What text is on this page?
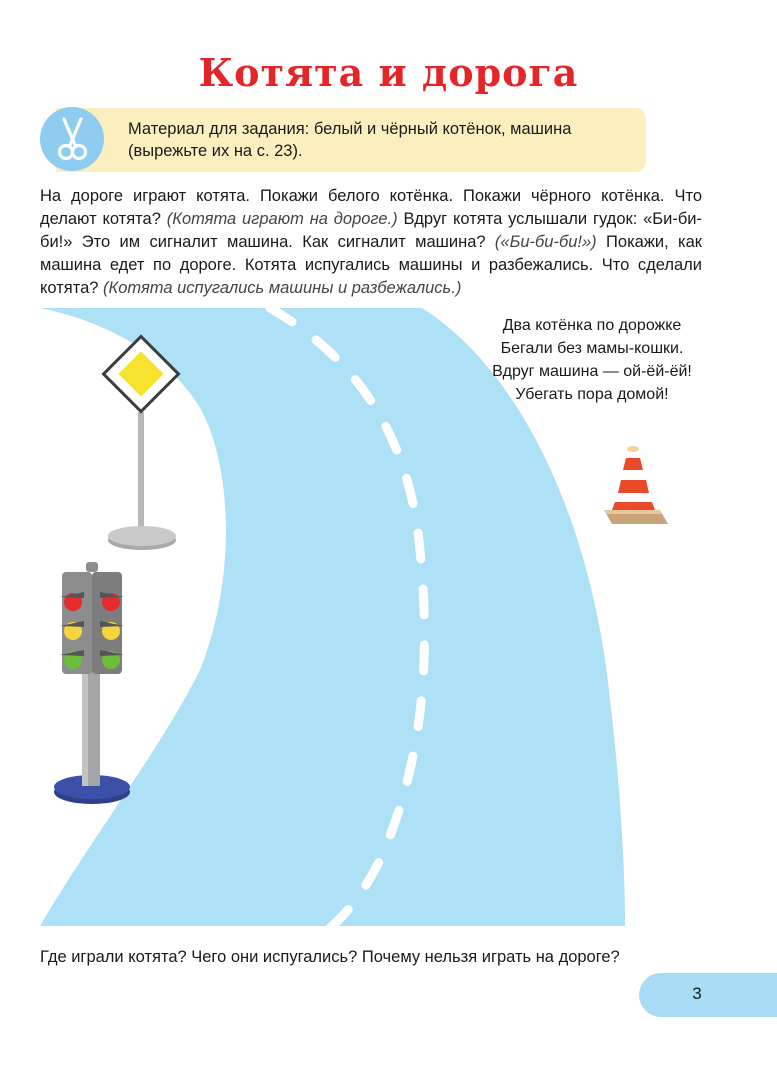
Котята и дорога
Материал для задания: белый и чёрный котёнок, машина (вырежьте их на с. 23).

На дороге играют котята. Покажи белого котёнка. Покажи чёрного котёнка. Что делают котята? (Котята играют на дороге.) Вдруг котята услышали гудок: «Би-би-би!» Это им сигналит машина. Как сигналит машина? («Би-би-би!») Покажи, как машина едет по дороге. Котята испугались машины и разбежались. Что сделали котята? (Котята испугались машины и разбежались.)

Два котёнка по дорожке
Бегали без мамы-кошки.
Вдруг машина — ой-ёй-ёй!
Убегать пора домой!

Где играли котята? Чего они испугались? Почему нельзя играть на дороге?

3
